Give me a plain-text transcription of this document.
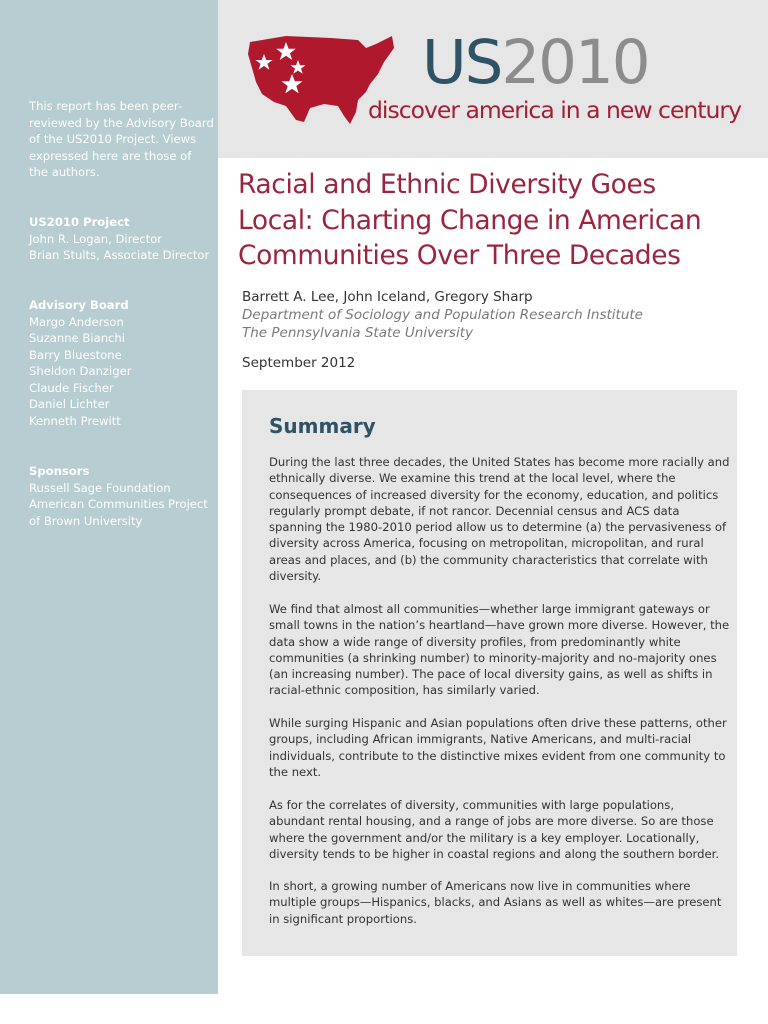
This report has been peer-
reviewed by the Advisory Board
of the US2010 Project. Views
expressed here are those of
the authors.
US2010 Project
John R. Logan, Director
Brian Stults, Associate Director
Advisory Board
Margo Anderson
Suzanne Bianchi
Barry Bluestone
Sheldon Danziger
Claude Fischer
Daniel Lichter
Kenneth Prewitt
Sponsors
Russell Sage Foundation
American Communities Project
of Brown University
US2010
discover america in a new century
Racial and Ethnic Diversity Goes
Local: Charting Change in American
Communities Over Three Decades
Barrett A. Lee, John Iceland, Gregory Sharp
Department of Sociology and Population Research Institute
The Pennsylvania State University
September 2012
Summary
During the last three decades, the United States has become more racially and
ethnically diverse. We examine this trend at the local level, where the
consequences of increased diversity for the economy, education, and politics
regularly prompt debate, if not rancor. Decennial census and ACS data
spanning the 1980-2010 period allow us to determine (a) the pervasiveness of
diversity across America, focusing on metropolitan, micropolitan, and rural
areas and places, and (b) the community characteristics that correlate with
diversity.
We find that almost all communities—whether large immigrant gateways or
small towns in the nation’s heartland—have grown more diverse. However, the
data show a wide range of diversity profiles, from predominantly white
communities (a shrinking number) to minority-majority and no-majority ones
(an increasing number). The pace of local diversity gains, as well as shifts in
racial-ethnic composition, has similarly varied.
While surging Hispanic and Asian populations often drive these patterns, other
groups, including African immigrants, Native Americans, and multi-racial
individuals, contribute to the distinctive mixes evident from one community to
the next.
As for the correlates of diversity, communities with large populations,
abundant rental housing, and a range of jobs are more diverse. So are those
where the government and/or the military is a key employer. Locationally,
diversity tends to be higher in coastal regions and along the southern border.
In short, a growing number of Americans now live in communities where
multiple groups—Hispanics, blacks, and Asians as well as whites—are present
in significant proportions.
